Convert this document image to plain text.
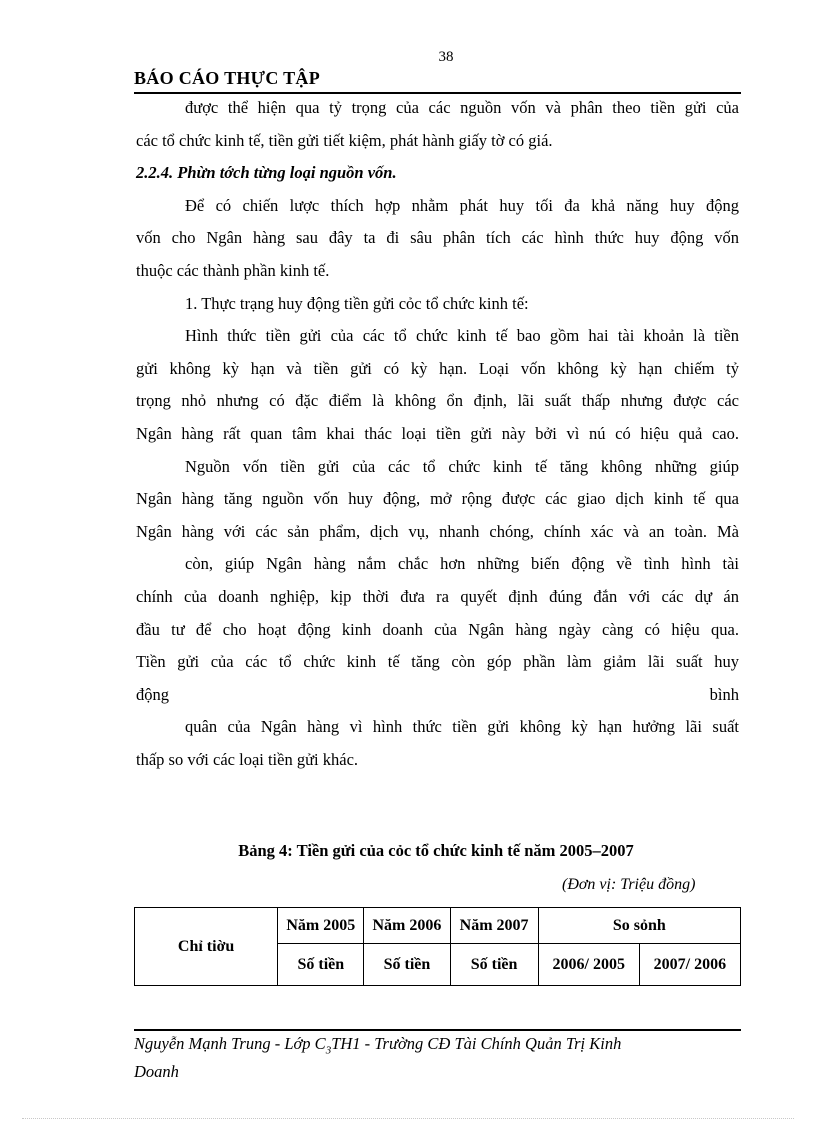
38
BÁO CÁO THỰC TẬP
được thể hiện qua tỷ trọng của các nguồn vốn và phân theo tiền gửi của
các tổ chức kinh tế, tiền gửi tiết kiệm, phát hành giấy tờ có giá.
2.2.4. Phừn tớch từng loại nguồn vốn.
Để có chiến lược thích hợp nhằm phát huy tối đa khả năng huy động
vốn cho Ngân hàng sau đây ta đi sâu phân tích các hình thức huy động vốn
thuộc các thành phần kinh tế.
1. Thực trạng huy động tiền gửi cỏc tổ chức kinh tế:
Hình thức tiền gửi của các tổ chức kinh tế bao gồm hai tài khoản là tiền
gửi không kỳ hạn và tiền gửi có kỳ hạn. Loại vốn không kỳ hạn chiếm tỷ
trọng nhỏ nhưng có đặc điểm là không ổn định, lãi suất thấp nhưng được các
Ngân hàng rất quan tâm khai thác loại tiền gửi này bởi vì nú có hiệu quả cao.
Nguồn vốn tiền gửi của các tổ chức kinh tế tăng không những giúp
Ngân hàng tăng nguồn vốn huy động, mở rộng được các giao dịch kinh tế qua
Ngân hàng với các sản phẩm, dịch vụ, nhanh chóng, chính xác và an toàn. Mà
còn, giúp Ngân hàng nắm chắc hơn những biến động về tình hình tài
chính của doanh nghiệp, kịp thời đưa ra quyết định đúng đắn với các dự án
đầu tư để cho hoạt động kinh doanh của Ngân hàng ngày càng có hiệu qua.
Tiền gửi của các tổ chức kinh tế tăng còn góp phần làm giảm lãi suất huy
động	bình
quân của Ngân hàng vì hình thức tiền gửi không kỳ hạn hưởng lãi suất
thấp so với các loại tiền gửi khác.
Bảng 4: Tiền gửi của cỏc tổ chức kinh tế năm 2005–2007
(Đơn vị: Triệu đồng)
Chỉ tiờu	Năm 2005	Năm 2006	Năm 2007	So sỏnh	
	Số tiền	Số tiền	Số tiền	2006/ 2005	2007/ 2006
Nguyễn Mạnh Trung - Lớp $C_3TH1$ - Trường CĐ Tài Chính Quản Trị Kinh
Doanh
